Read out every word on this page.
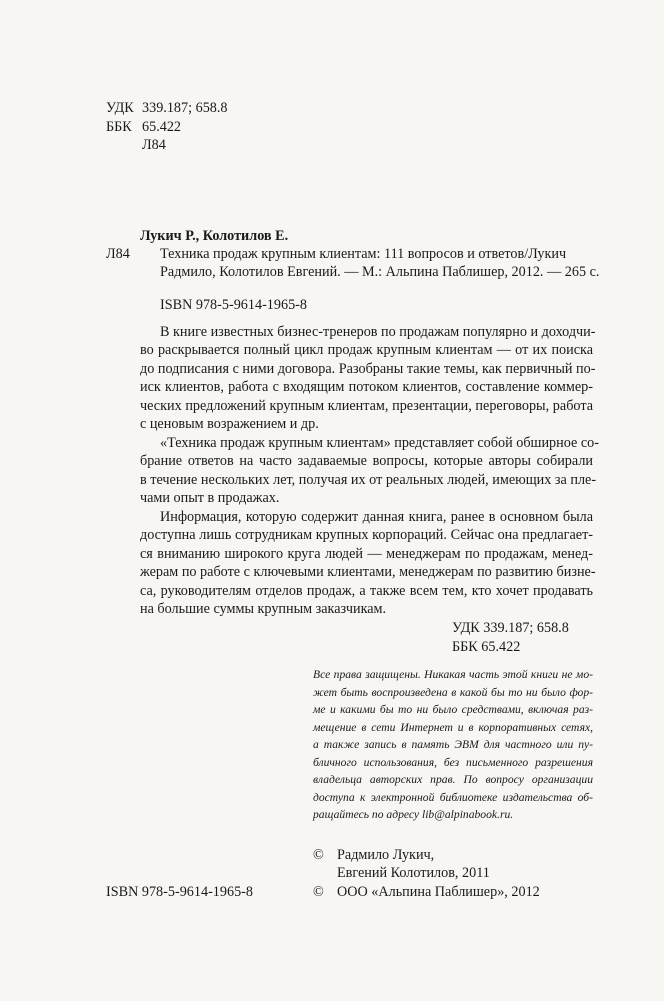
УДК 339.187; 658.8
ББК 65.422
Л84
Лукич Р., Колотилов Е.
Л84 Техника продаж крупным клиентам: 111 вопросов и ответов/Лукич
Радмило, Колотилов Евгений. — М.: Альпина Паблишер, 2012. — 265 с.
ISBN 978-5-9614-1965-8
В книге известных бизнес-тренеров по продажам популярно и доходчи-
во раскрывается полный цикл продаж крупным клиентам — от их поиска
до подписания с ними договора. Разобраны такие темы, как первичный по-
иск клиентов, работа с входящим потоком клиентов, составление коммер-
ческих предложений крупным клиентам, презентации, переговоры, работа
с ценовым возражением и др.
«Техника продаж крупным клиентам» представляет собой обширное со-
брание ответов на часто задаваемые вопросы, которые авторы собирали
в течение нескольких лет, получая их от реальных людей, имеющих за пле-
чами опыт в продажах.
Информация, которую содержит данная книга, ранее в основном была
доступна лишь сотрудникам крупных корпораций. Сейчас она предлагает-
ся вниманию широкого круга людей — менеджерам по продажам, менед-
жерам по работе с ключевыми клиентами, менеджерам по развитию бизне-
са, руководителям отделов продаж, а также всем тем, кто хочет продавать
на большие суммы крупным заказчикам.
УДК 339.187; 658.8
ББК 65.422
Все права защищены. Никакая часть этой книги не мо-
жет быть воспроизведена в какой бы то ни было фор-
ме и какими бы то ни было средствами, включая раз-
мещение в сети Интернет и в корпоративных сетях,
а также запись в память ЭВМ для частного или пу-
бличного использования, без письменного разрешения
владельца авторских прав. По вопросу организации
доступа к электронной библиотеке издательства об-
ращайтесь по адресу lib@alpinabook.ru.
© Радмило Лукич,
Евгений Колотилов, 2011
ISBN 978-5-9614-1965-8	© ООО «Альпина Паблишер», 2012
